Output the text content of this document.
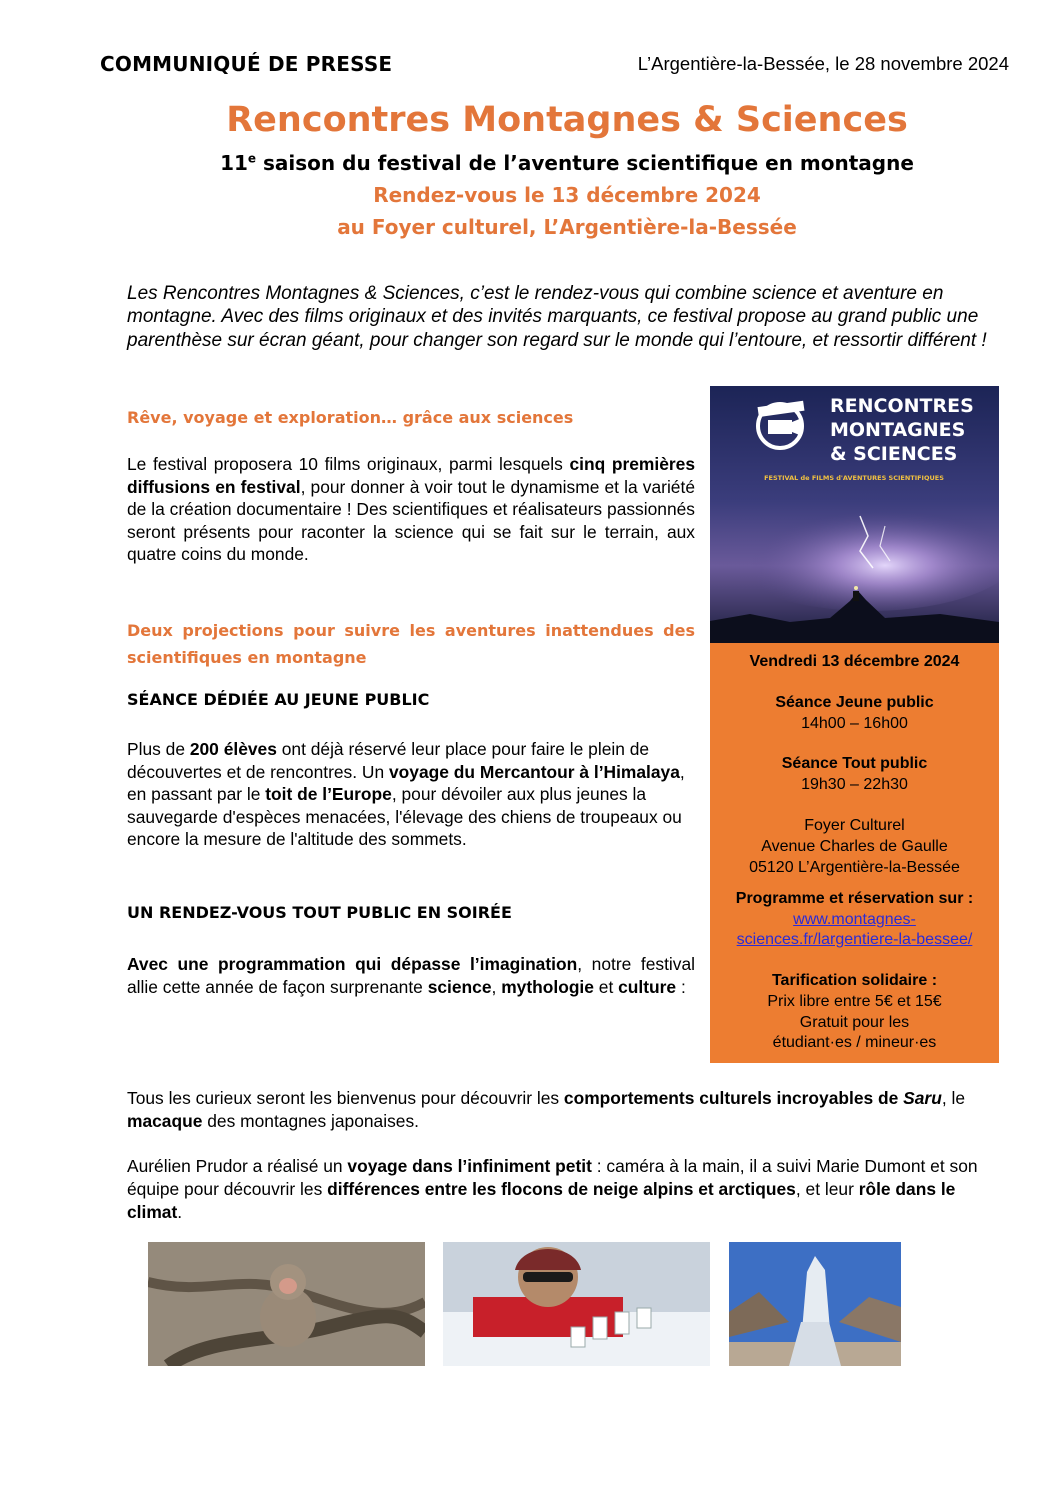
COMMUNIQUÉ DE PRESSE	L’Argentière-la-Bessée, le 28 novembre 2024
Rencontres Montagnes & Sciences
11e saison du festival de l’aventure scientifique en montagne
Rendez-vous le 13 décembre 2024
au Foyer culturel, L’Argentière-la-Bessée
Les Rencontres Montagnes & Sciences, c’est le rendez-vous qui combine science et aventure en montagne. Avec des films originaux et des invités marquants, ce festival propose au grand public une parenthèse sur écran géant, pour changer son regard sur le monde qui l’entoure, et ressortir différent !
Rêve, voyage et exploration… grâce aux sciences
Le festival proposera 10 films originaux, parmi lesquels cinq premières diffusions en festival, pour donner à voir tout le dynamisme et la variété de la création documentaire ! Des scientifiques et réalisateurs passionnés seront présents pour raconter la science qui se fait sur le terrain, aux quatre coins du monde.
Deux projections pour suivre les aventures inattendues des scientifiques en montagne
SÉANCE DÉDIÉE AU JEUNE PUBLIC
Plus de 200 élèves ont déjà réservé leur place pour faire le plein de découvertes et de rencontres. Un voyage du Mercantour à l’Himalaya, en passant par le toit de l’Europe, pour dévoiler aux plus jeunes la sauvegarde d'espèces menacées, l'élevage des chiens de troupeaux ou encore la mesure de l'altitude des sommets.
UN RENDEZ-VOUS TOUT PUBLIC EN SOIRÉE
Avec une programmation qui dépasse l’imagination, notre festival allie cette année de façon surprenante science, mythologie et culture :
RENCONTRES
MONTAGNES
& SCIENCES
FESTIVAL de FILMS d'AVENTURES SCIENTIFIQUES
Vendredi 13 décembre 2024
Séance Jeune public
14h00 – 16h00
Séance Tout public
19h30 – 22h30
Foyer Culturel
Avenue Charles de Gaulle
05120 L’Argentière-la-Bessée
Programme et réservation sur :
www.montagnes-
sciences.fr/largentiere-la-bessee/
Tarification solidaire :
Prix libre entre 5€ et 15€
Gratuit pour les
étudiant·es / mineur·es
Tous les curieux seront les bienvenus pour découvrir les comportements culturels incroyables de Saru, le macaque des montagnes japonaises.
Aurélien Prudor a réalisé un voyage dans l’infiniment petit : caméra à la main, il a suivi Marie Dumont et son équipe pour découvrir les différences entre les flocons de neige alpins et arctiques, et leur rôle dans le climat.
